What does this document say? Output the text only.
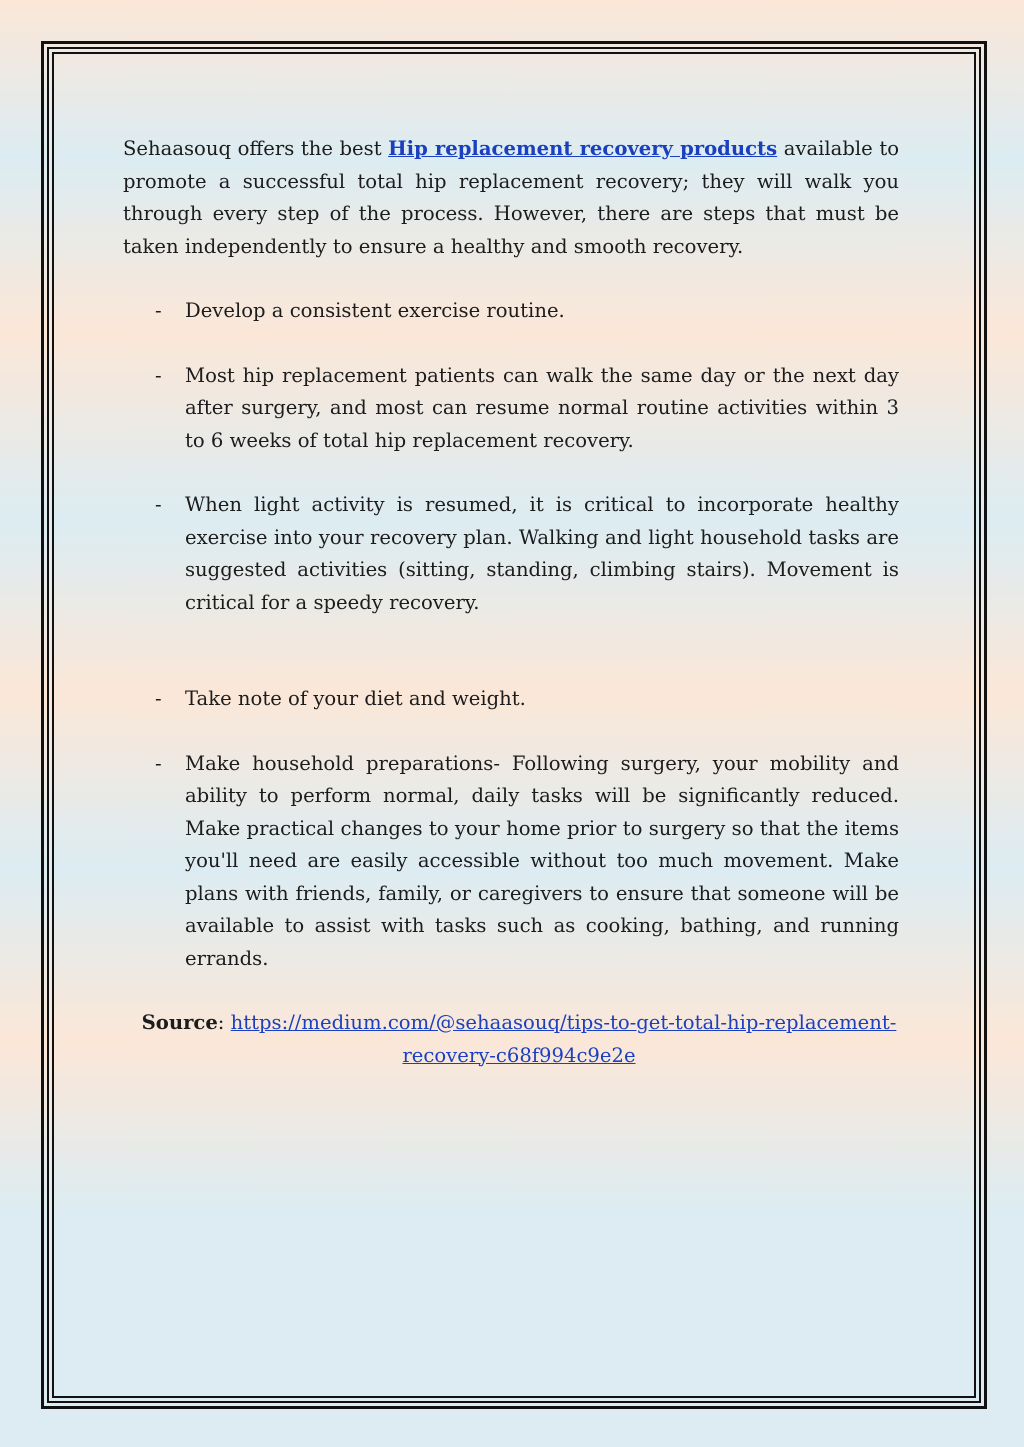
Sehaasouq offers the best Hip replacement recovery products available to promote a successful total hip replacement recovery; they will walk you through every step of the process. However, there are steps that must be taken independently to ensure a healthy and smooth recovery.

- Develop a consistent exercise routine.
- Most hip replacement patients can walk the same day or the next day after surgery, and most can resume normal routine activities within 3 to 6 weeks of total hip replacement recovery.
- When light activity is resumed, it is critical to incorporate healthy exercise into your recovery plan. Walking and light household tasks are suggested activities (sitting, standing, climbing stairs). Movement is critical for a speedy recovery.
- Take note of your diet and weight.
- Make household preparations- Following surgery, your mobility and ability to perform normal, daily tasks will be significantly reduced. Make practical changes to your home prior to surgery so that the items you'll need are easily accessible without too much movement. Make plans with friends, family, or caregivers to ensure that someone will be available to assist with tasks such as cooking, bathing, and running errands.
Source: https://medium.com/@sehaasouq/tips-to-get-total-hip-replacement-recovery-c68f994c9e2e
